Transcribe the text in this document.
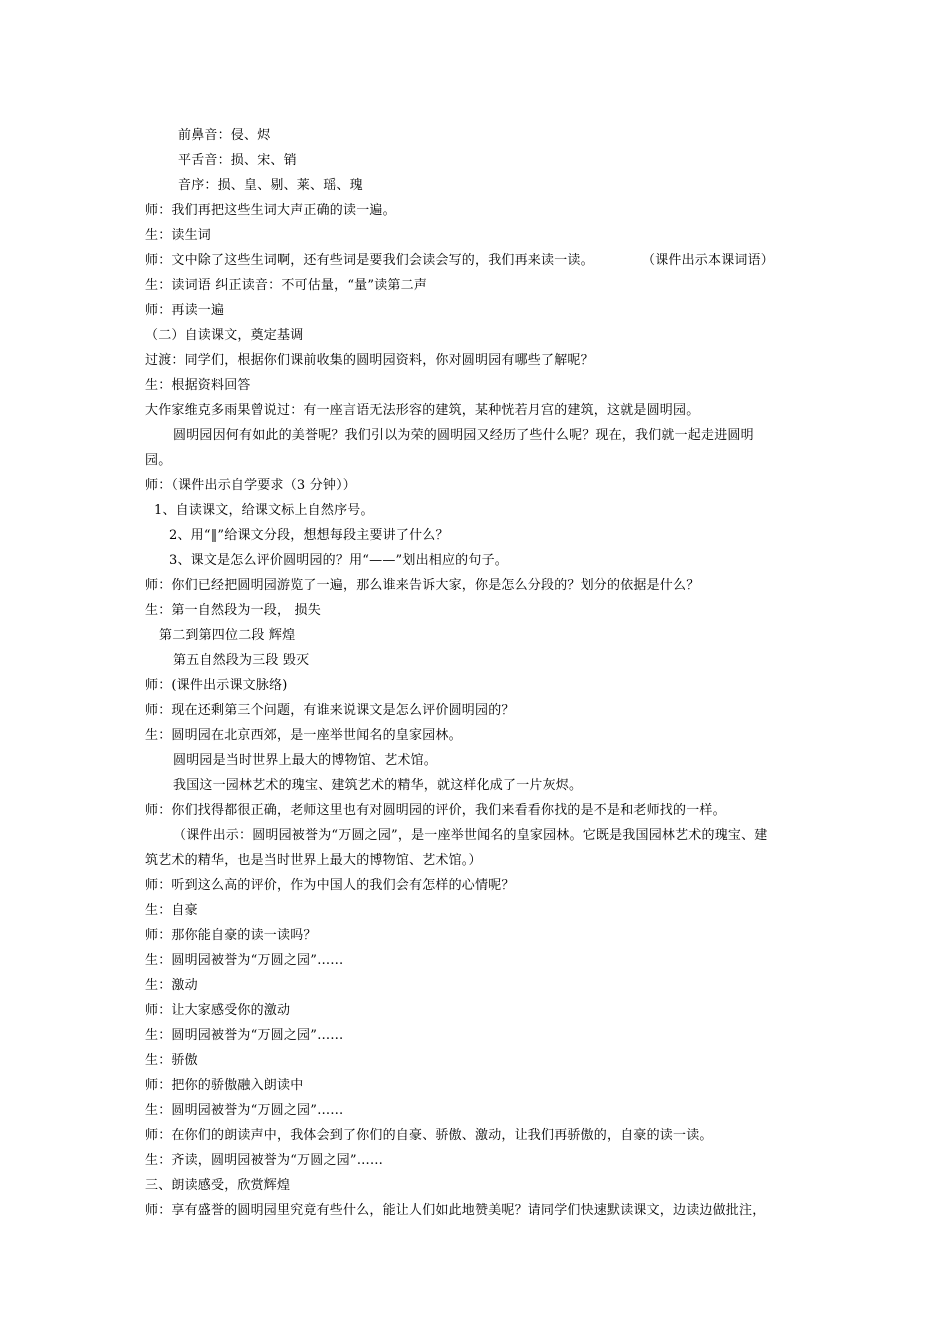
前鼻音：侵、烬
平舌音：损、宋、销
音序：损、皇、剔、莱、瑶、瑰
师：我们再把这些生词大声正确的读一遍。
生：读生词
师：文中除了这些生词啊，还有些词是要我们会读会写的，我们再来读一读。	（课件出示本课词语）
生：读词语 纠正读音：不可估量，“量”读第二声
师：再读一遍
（二）自读课文，奠定基调
过渡：同学们，根据你们课前收集的圆明园资料，你对圆明园有哪些了解呢？
生：根据资料回答
大作家维克多雨果曾说过：有一座言语无法形容的建筑，某种恍若月宫的建筑，这就是圆明园。
圆明园因何有如此的美誉呢？我们引以为荣的圆明园又经历了些什么呢？现在，我们就一起走进圆明
园。
师：（课件出示自学要求（3 分钟））
1、自读课文，给课文标上自然序号。
2、用“‖”给课文分段，想想每段主要讲了什么？
3、课文是怎么评价圆明园的？用“——”划出相应的句子。
师：你们已经把圆明园游览了一遍，那么谁来告诉大家，你是怎么分段的？划分的依据是什么？
生：第一自然段为一段， 损失
第二到第四位二段 辉煌
第五自然段为三段 毁灭
师：(课件出示课文脉络)
师：现在还剩第三个问题，有谁来说课文是怎么评价圆明园的？
生：圆明园在北京西郊，是一座举世闻名的皇家园林。
圆明园是当时世界上最大的博物馆、艺术馆。
我国这一园林艺术的瑰宝、建筑艺术的精华，就这样化成了一片灰烬。
师：你们找得都很正确，老师这里也有对圆明园的评价，我们来看看你找的是不是和老师找的一样。
（课件出示：圆明园被誉为“万圆之园”，是一座举世闻名的皇家园林。它既是我国园林艺术的瑰宝、建
筑艺术的精华，也是当时世界上最大的博物馆、艺术馆。）
师：听到这么高的评价，作为中国人的我们会有怎样的心情呢？
生：自豪
师：那你能自豪的读一读吗？
生：圆明园被誉为“万圆之园”……
生：激动
师：让大家感受你的激动
生：圆明园被誉为“万圆之园”……
生：骄傲
师：把你的骄傲融入朗读中
生：圆明园被誉为“万圆之园”……
师：在你们的朗读声中，我体会到了你们的自豪、骄傲、激动，让我们再骄傲的，自豪的读一读。
生：齐读，圆明园被誉为“万圆之园”……
三、朗读感受，欣赏辉煌
师：享有盛誉的圆明园里究竟有些什么，能让人们如此地赞美呢？请同学们快速默读课文，边读边做批注，
